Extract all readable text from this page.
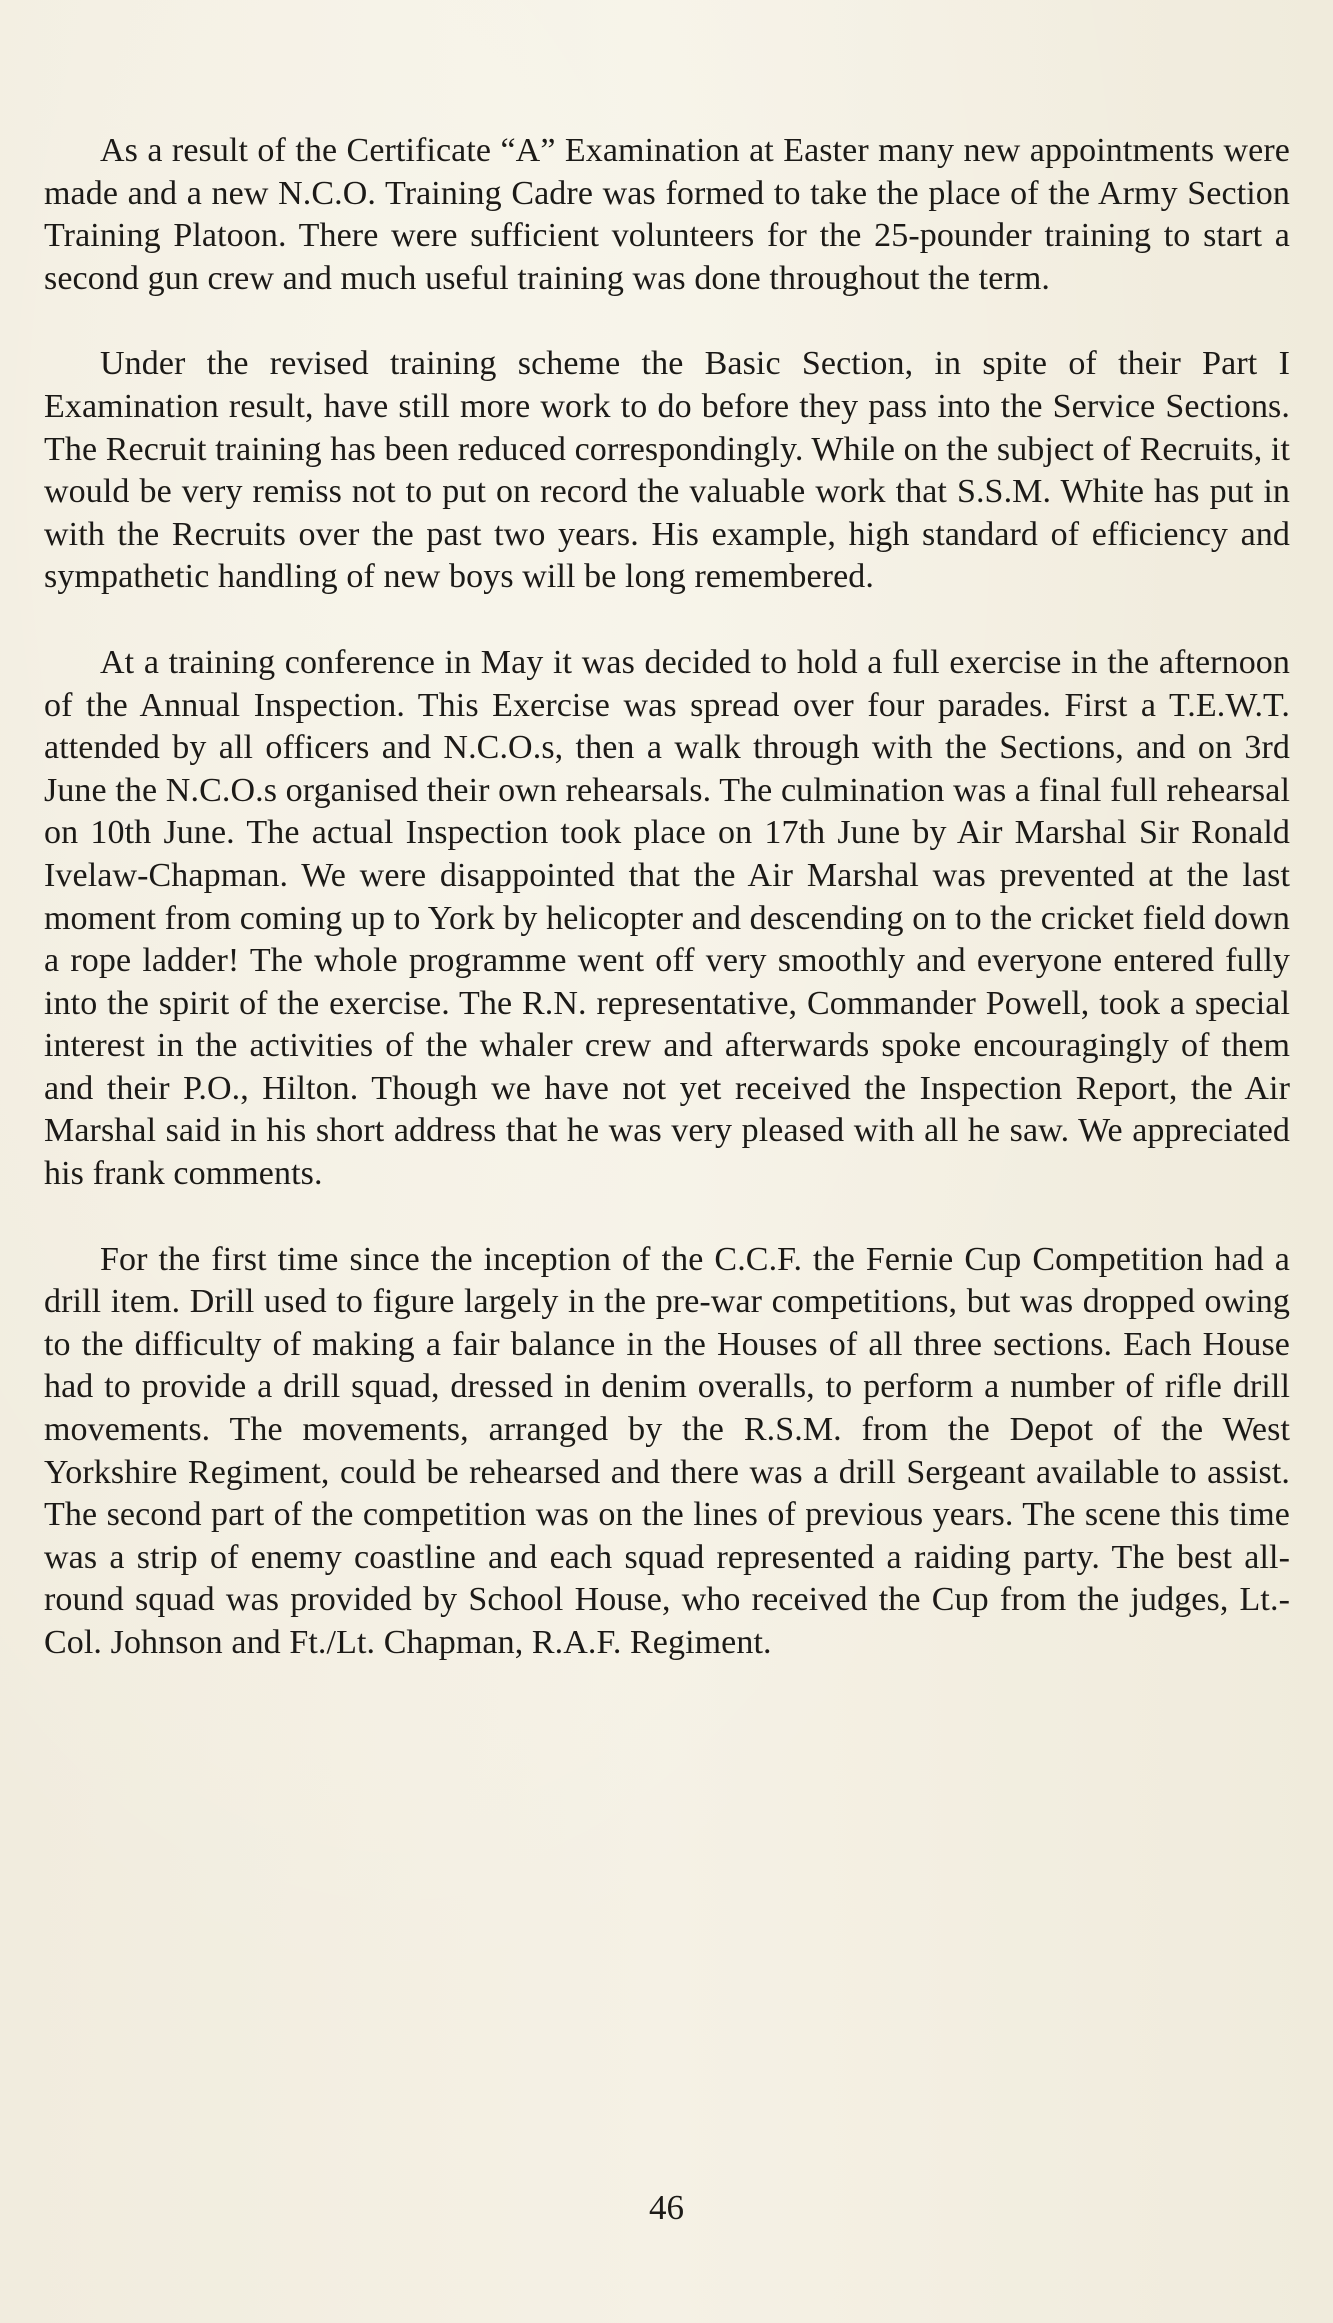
As a result of the Certificate “A” Examination at Easter many new appointments were made and a new N.C.O. Training Cadre was formed to take the place of the Army Section Training Platoon. There were sufficient volunteers for the 25-pounder training to start a second gun crew and much useful training was done throughout the term.

Under the revised training scheme the Basic Section, in spite of their Part I Examination result, have still more work to do before they pass into the Service Sections. The Recruit training has been reduced correspondingly. While on the subject of Recruits, it would be very remiss not to put on record the valuable work that S.S.M. White has put in with the Recruits over the past two years. His example, high standard of efficiency and sympathetic handling of new boys will be long remembered.

At a training conference in May it was decided to hold a full exercise in the afternoon of the Annual Inspection. This Exercise was spread over four parades. First a T.E.W.T. attended by all officers and N.C.O.s, then a walk through with the Sections, and on 3rd June the N.C.O.s organised their own rehearsals. The culmination was a final full rehearsal on 10th June. The actual Inspection took place on 17th June by Air Marshal Sir Ronald Ivelaw-Chapman. We were disappointed that the Air Marshal was prevented at the last moment from coming up to York by helicopter and descending on to the cricket field down a rope ladder! The whole programme went off very smoothly and everyone entered fully into the spirit of the exercise. The R.N. representative, Commander Powell, took a special interest in the activities of the whaler crew and afterwards spoke encouragingly of them and their P.O., Hilton. Though we have not yet received the Inspection Report, the Air Marshal said in his short address that he was very pleased with all he saw. We appreciated his frank comments.

For the first time since the inception of the C.C.F. the Fernie Cup Competition had a drill item. Drill used to figure largely in the pre-war competitions, but was dropped owing to the difficulty of making a fair balance in the Houses of all three sections. Each House had to provide a drill squad, dressed in denim overalls, to perform a number of rifle drill movements. The movements, arranged by the R.S.M. from the Depot of the West Yorkshire Regiment, could be rehearsed and there was a drill Sergeant available to assist. The second part of the competition was on the lines of previous years. The scene this time was a strip of enemy coastline and each squad represented a raiding party. The best all-round squad was provided by School House, who received the Cup from the judges, Lt.-Col. Johnson and Ft./Lt. Chapman, R.A.F. Regiment.

46
